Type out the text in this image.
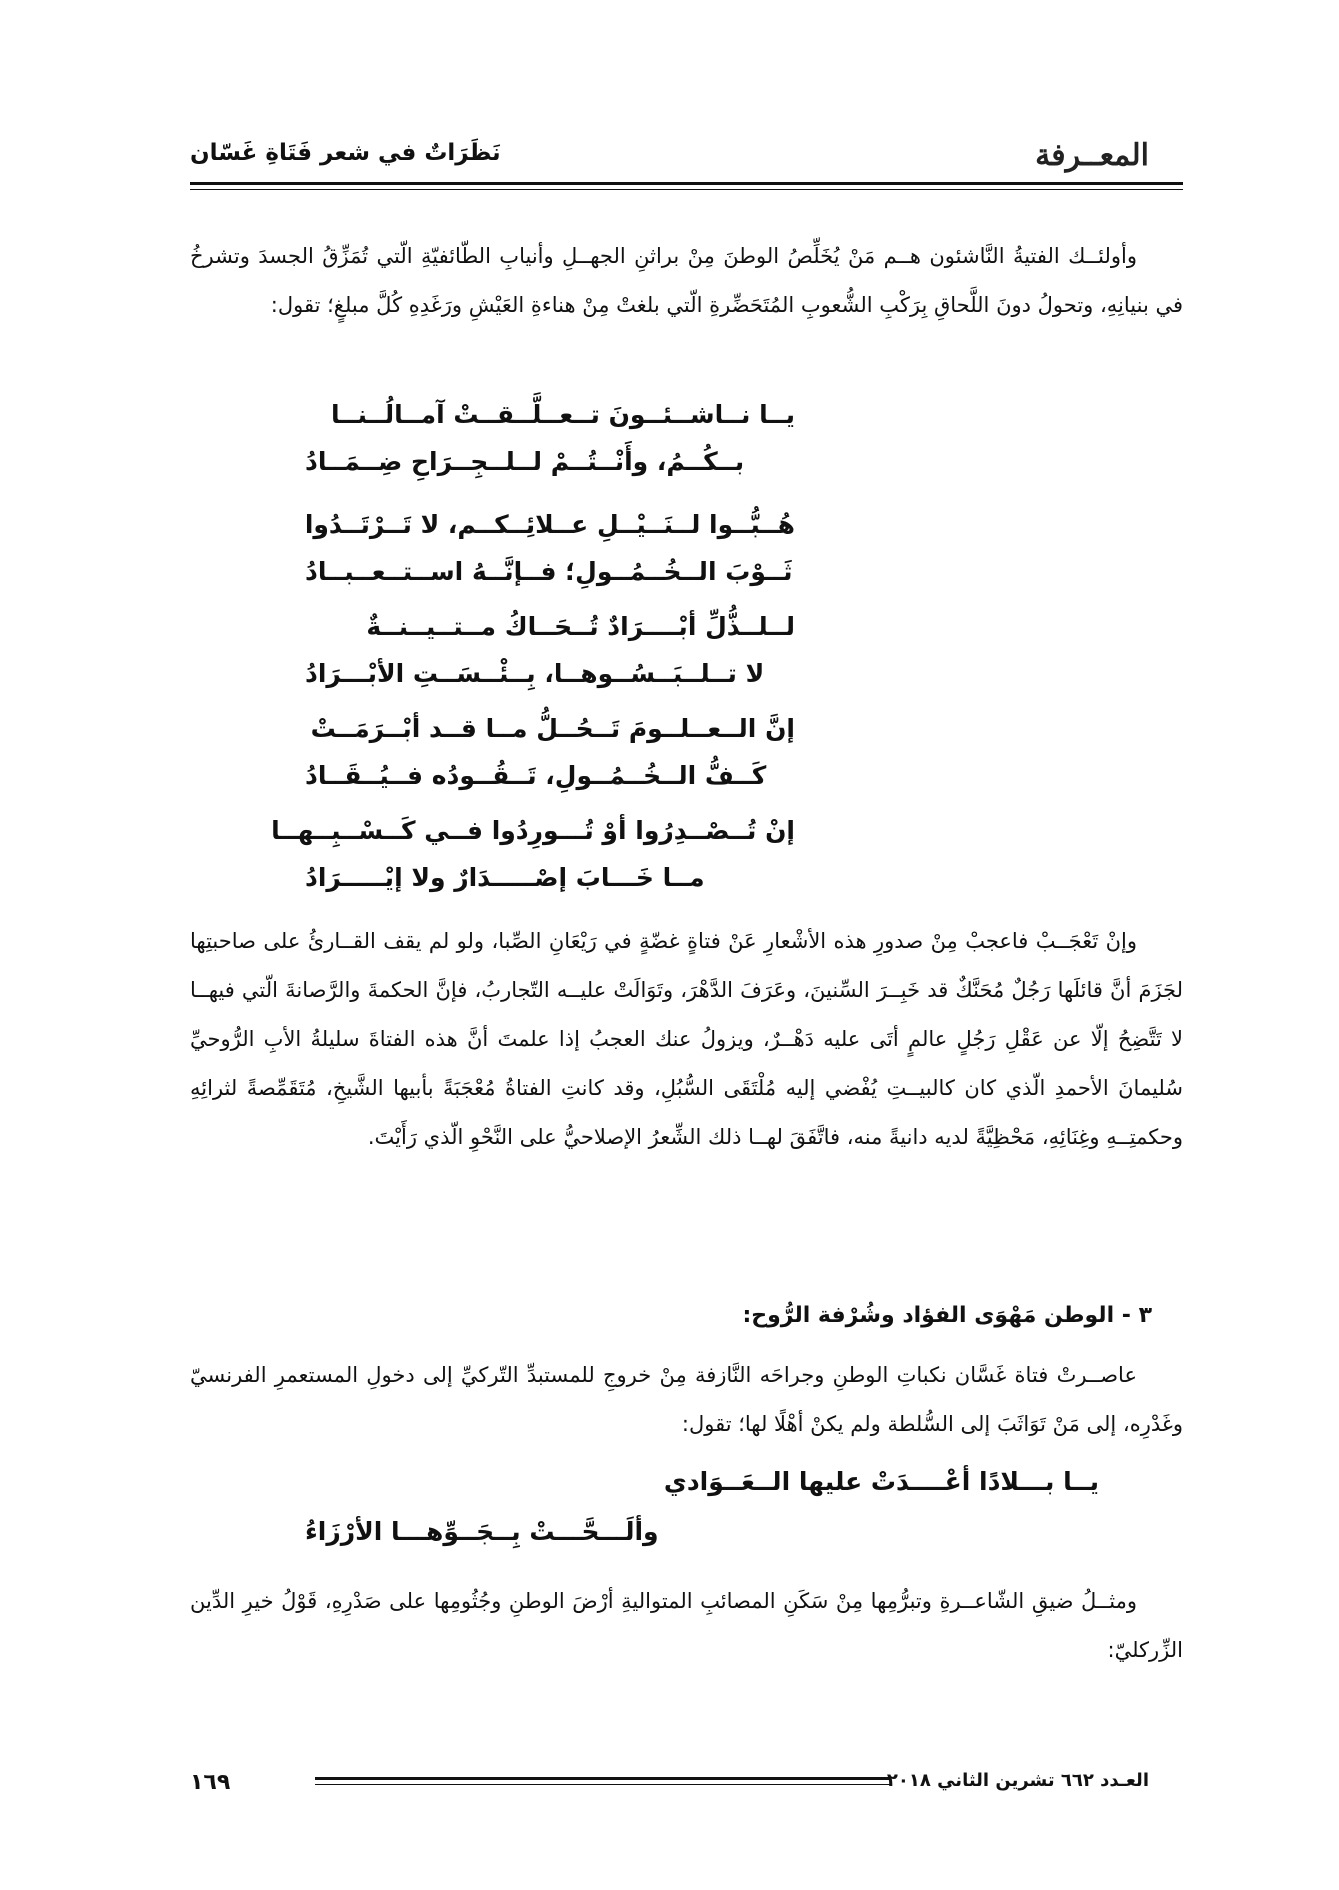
المعــرفة
نَظَرَاتٌ في شعر فَتَاةِ غَسّان
وأولئــك الفتيةُ النَّاشئون هــم مَنْ يُخَلِّصُ الوطنَ مِنْ براثنِ الجهــلِ وأنيابِ الطّائفيّةِ الّتي تُمَزِّقُ الجسدَ وتشرخُ في بنيانِهِ، وتحولُ دونَ اللَّحاقِ بِرَكْبِ الشُّعوبِ المُتَحَضِّرةِ الّتي بلغتْ مِنْ هناءةِ العَيْشِ ورَغَدِهِ كُلَّ مبلغٍ؛ تقول:
يــا نــاشــئــونَ تــعــلَّــقــتْ آمــالُــنــا
بــكُــمُ، وأَنْــتُــمْ لــلــجِــرَاحِ ضِــمَــادُ
هُــبُّــوا لــنَــيْــلِ عــلائِــكــم، لا تَــرْتَــدُوا
ثَــوْبَ الــخُــمُــولِ؛ فــإنَّــهُ اســتــعــبــادُ
لــلــذُّلِّ أبْــــرَادٌ تُــحَــاكُ مــتــيــنــةٌ
لا تــلــبَــسُــوهــا، بِــئْــسَــتِ الأبْـــرَادُ
إنَّ الــعــلــومَ تَــحُــلُّ مــا قــد أبْــرَمَــتْ
كَــفُّ الــخُــمُــولِ، تَــقُــودُه فــيُــقَــادُ
إنْ تُــصْــدِرُوا أوْ تُـــورِدُوا فــي كَــسْــبِــهــا
مــا خَـــابَ إصْـــــدَارٌ ولا إيْـــــرَادُ
وإنْ تَعْجَــبْ فاعجبْ مِنْ صدورِ هذه الأشْعارِ عَنْ فتاةٍ غضّةٍ في رَيْعَانِ الصِّبا، ولو لم يقف القــارئُ على صاحبتِها لجَزَمَ أنَّ قائلَها رَجُلٌ مُحَنَّكٌ قد خَبِــرَ السِّنينَ، وعَرَفَ الدَّهْرَ، وتَوَالَتْ عليــه التّجاربُ، فإنَّ الحكمةَ والرَّصانةَ الّتي فيهــا لا تَتَّضِحُ إلّا عن عَقْلِ رَجُلٍ عالمٍ أتَى عليه دَهْــرٌ، ويزولُ عنك العجبُ إذا علمتَ أنَّ هذه الفتاةَ سليلةُ الأبِ الرُّوحيِّ سُليمانَ الأحمدِ الّذي كان كالبيــتِ يُفْضي إليه مُلْتَقَى السُّبُلِ، وقد كانتِ الفتاةُ مُعْجَبَةً بأبيها الشَّيخِ، مُتَقَمِّصةً لثرائِهِ وحكمتِــهِ وغِنَائِهِ، مَحْظِيَّةً لديه دانيةً منه، فاتَّفَقَ لهــا ذلك الشِّعرُ الإصلاحيُّ على النَّحْوِ الّذي رَأَيْتَ.
٣ - الوطن مَهْوَى الفؤاد وشُرْفة الرُّوح:
عاصــرتْ فتاة غَسَّان نكباتِ الوطنِ وجراحَه النَّازفة مِنْ خروجِ للمستبدِّ التّركيِّ إلى دخولِ المستعمرِ الفرنسيّ وغَدْرِه، إلى مَنْ تَوَاثَبَ إلى السُّلطة ولم يكنْ أهْلًا لها؛ تقول:
يــا بـــلادًا أعْــــدَتْ عليها الــعَــوَادي
وألَـــحَّـــتْ بِــجَــوِّهـــا الأرْزَاءُ
ومثــلُ ضيقِ الشّاعــرةِ وتبرُّمِها مِنْ سَكَنِ المصائبِ المتواليةِ أرْضَ الوطنِ وجُثُومِها على صَدْرِهِ، قَوْلُ خيرِ الدِّين الزِّركليّ:
١٦٩	العـدد ٦٦٢ تشرين الثاني ٢٠١٨
